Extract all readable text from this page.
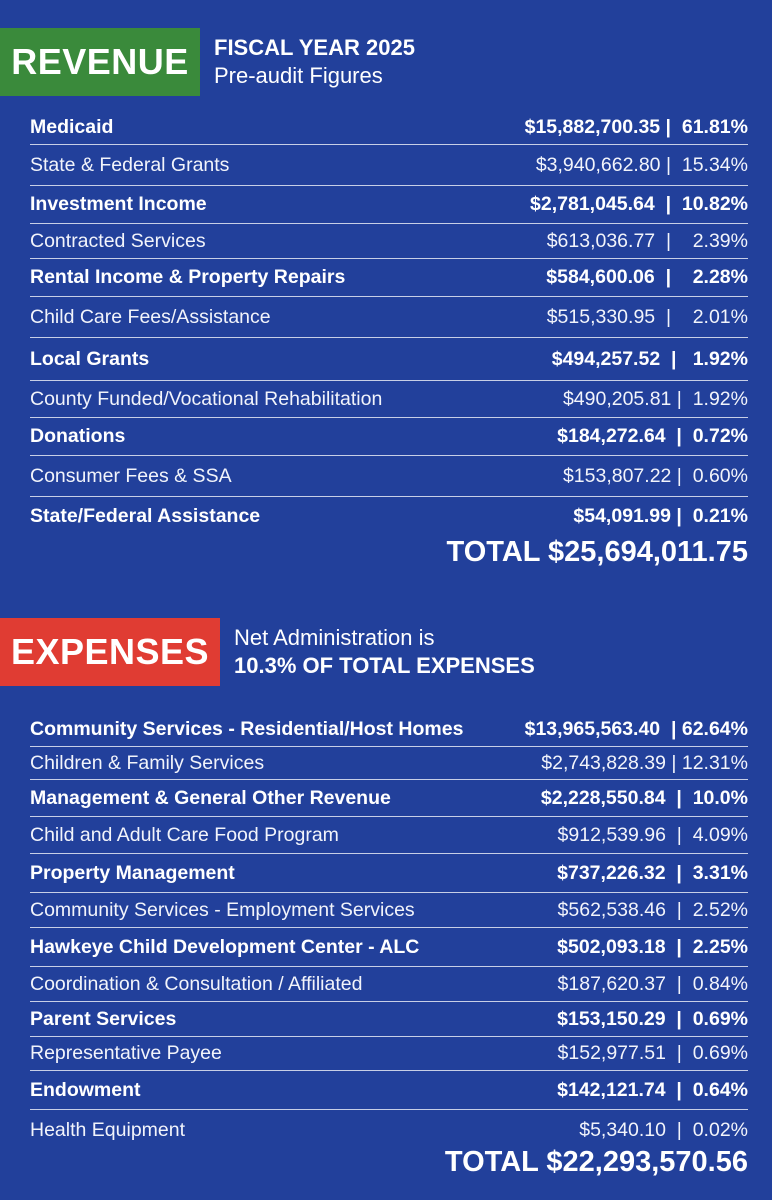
REVENUE	FISCAL YEAR 2025
Pre-audit Figures
Medicaid	$15,882,700.35 |  61.81%
State & Federal Grants	$3,940,662.80 |  15.34%
Investment Income	$2,781,045.64  |  10.82%
Contracted Services	$613,036.77  |    2.39%
Rental Income & Property Repairs	$584,600.06  |    2.28%
Child Care Fees/Assistance	$515,330.95  |    2.01%
Local Grants	$494,257.52  |   1.92%
County Funded/Vocational Rehabilitation	$490,205.81 |  1.92%
Donations	$184,272.64  |  0.72%
Consumer Fees & SSA	$153,807.22 |  0.60%
State/Federal Assistance	$54,091.99 |  0.21%
TOTAL $25,694,011.75
EXPENSES	Net Administration is
10.3% OF TOTAL EXPENSES
Community Services - Residential/Host Homes	$13,965,563.40  | 62.64%
Children & Family Services	$2,743,828.39 | 12.31%
Management & General Other Revenue	$2,228,550.84  |  10.0%
Child and Adult Care Food Program	$912,539.96  |  4.09%
Property Management	$737,226.32  |  3.31%
Community Services - Employment Services	$562,538.46  |  2.52%
Hawkeye Child Development Center - ALC	$502,093.18  |  2.25%
Coordination & Consultation / Affiliated	$187,620.37  |  0.84%
Parent Services	$153,150.29  |  0.69%
Representative Payee	$152,977.51  |  0.69%
Endowment	$142,121.74  |  0.64%
Health Equipment	$5,340.10  |  0.02%
TOTAL $22,293,570.56
